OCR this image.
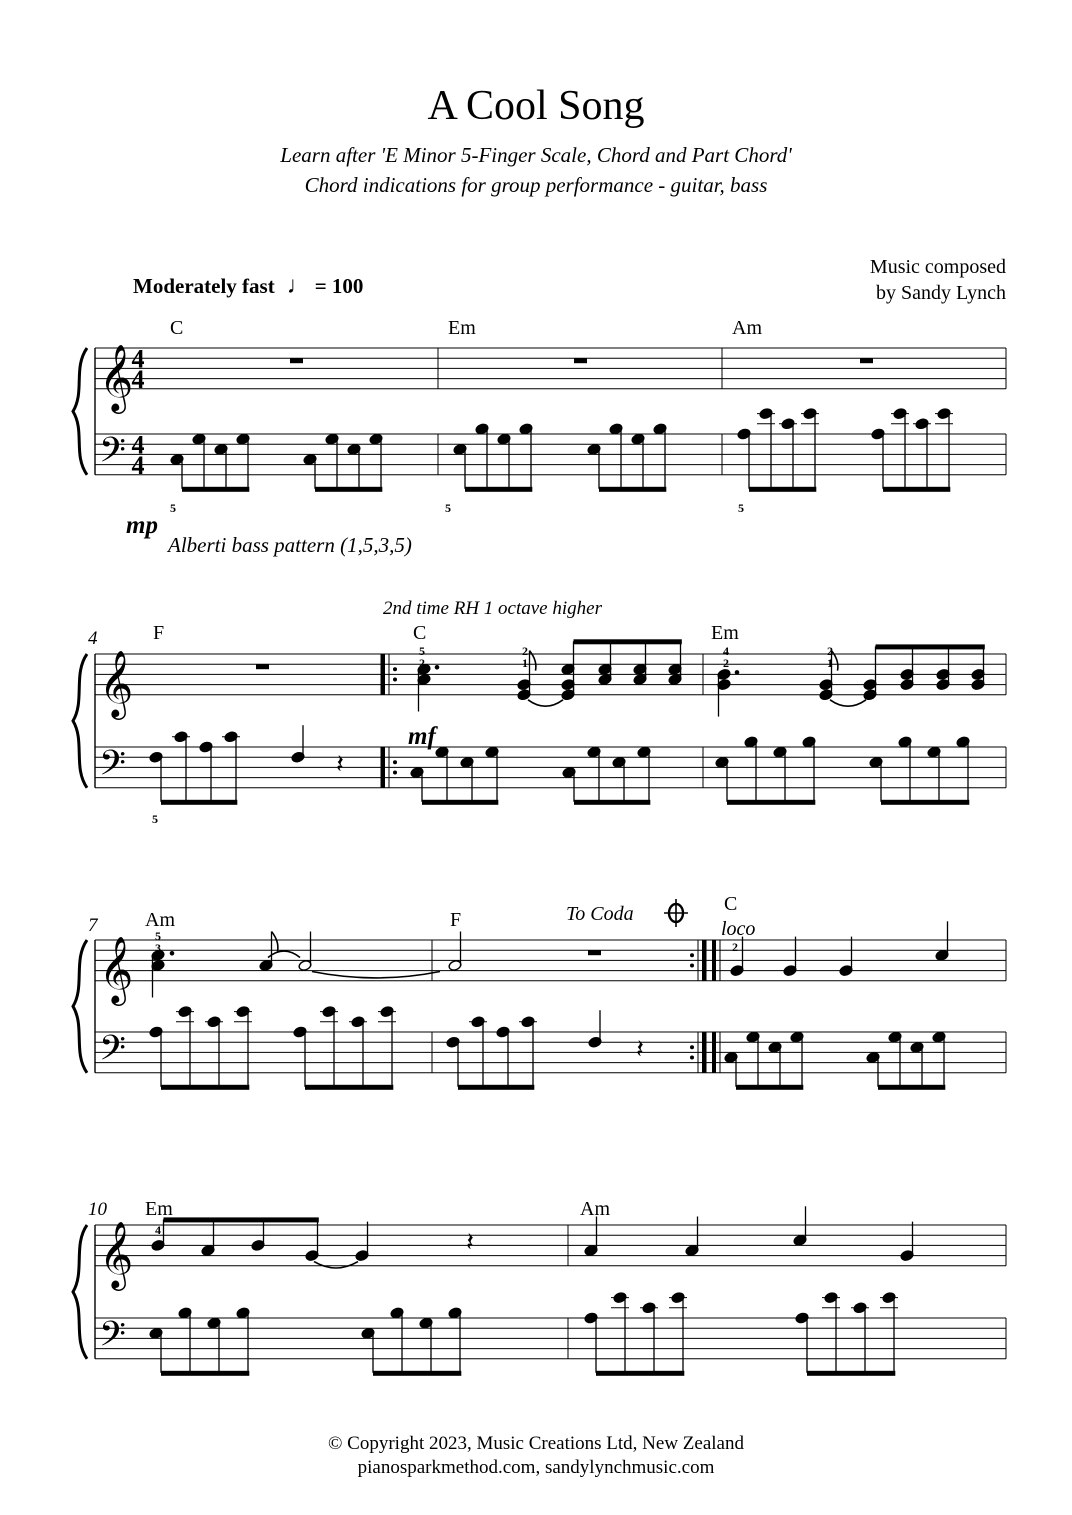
A Cool Song
Learn after 'E Minor 5-Finger Scale, Chord and Part Chord'
Chord indications for group performance - guitar, bass
Moderately fast ♩ = 100
Music composed
by Sandy Lynch
𝄞
𝄢
𝄞
𝄢
𝄞
𝄢
𝄞
𝄢
4
4
4
4
𝄽
𝄽
𝄽
C	Em	Am
F	C	Em
Am	F
C
Em	Am
4
7
10
mp
mf
Alberti bass pattern (1,5,3,5)
2nd time RH 1 octave higher
To Coda
loco
5	5	5
5
5
2
2
1
4
2
2
1
5
3	2
4
© Copyright 2023, Music Creations Ltd, New Zealand
pianosparkmethod.com, sandylynchmusic.com
